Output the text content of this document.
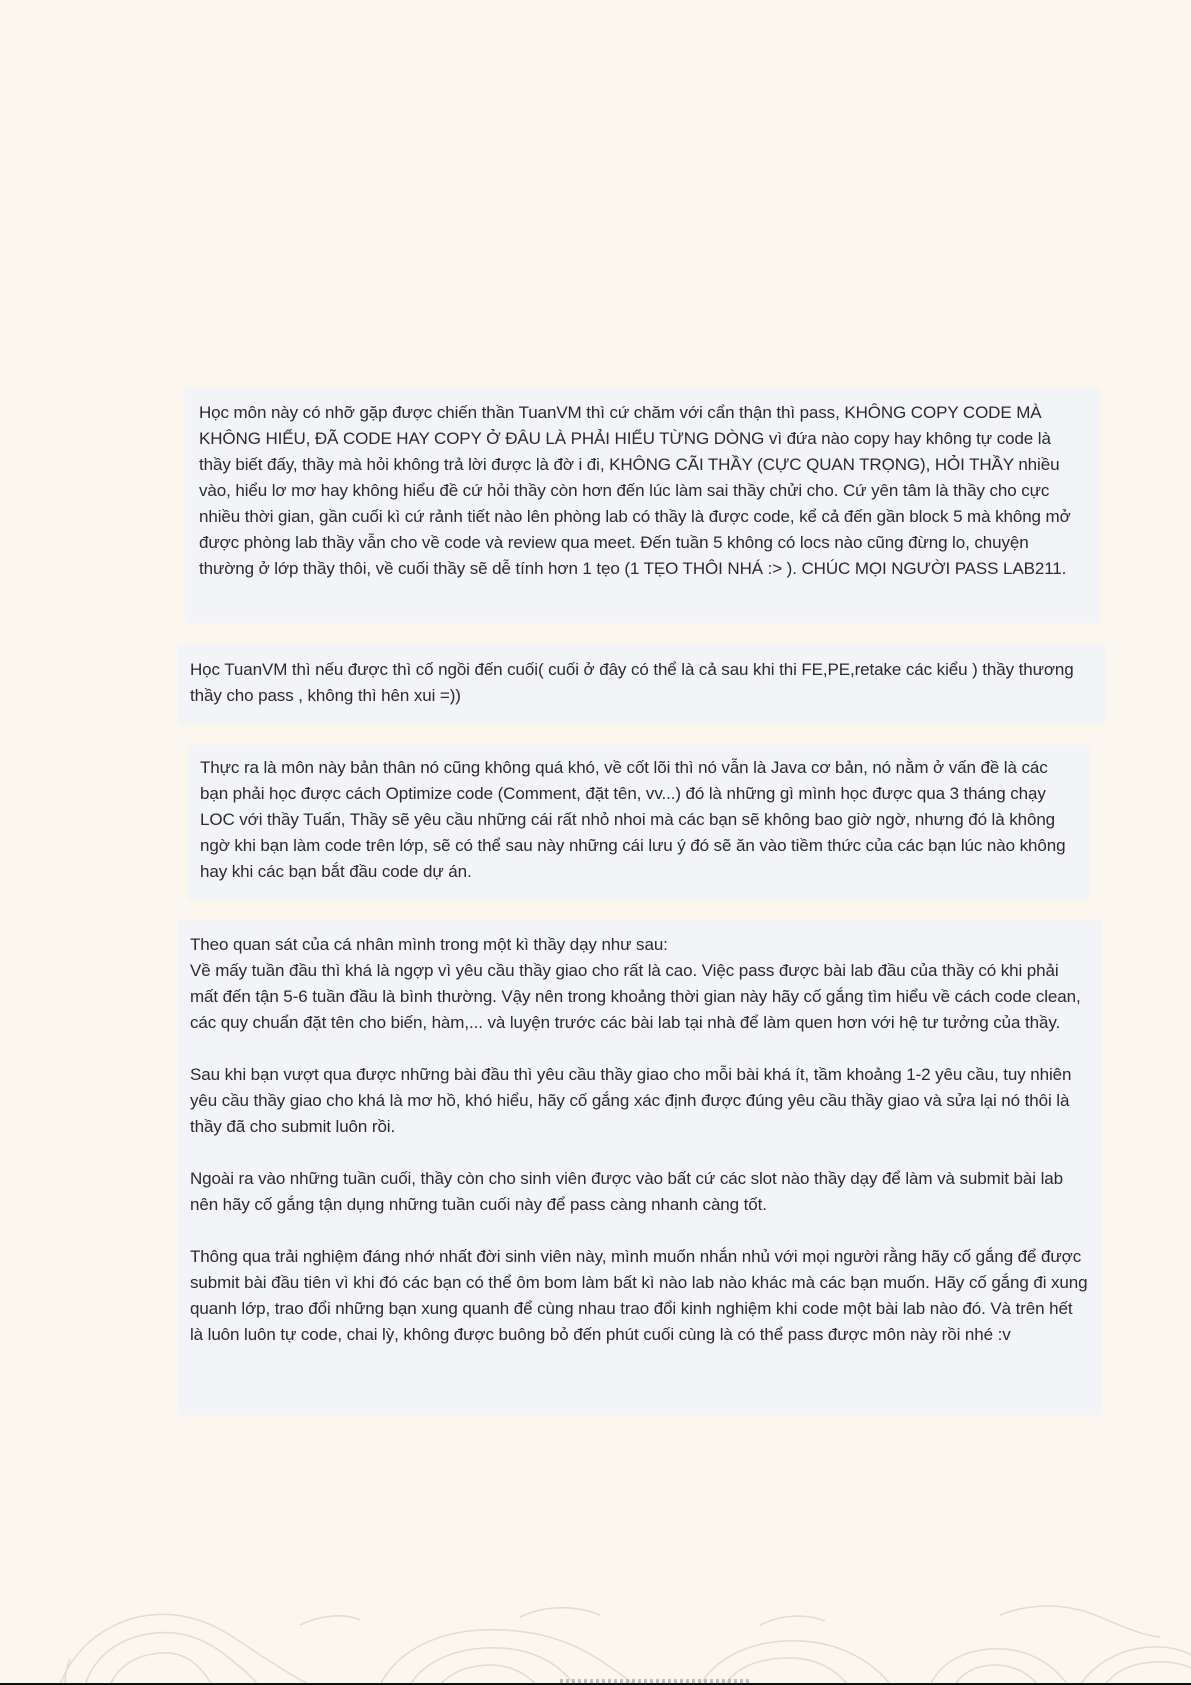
Học môn này có nhỡ gặp được chiến thần TuanVM thì cứ chăm với cẩn thận thì pass, KHÔNG COPY CODE MÀ KHÔNG HIỂU, ĐÃ CODE HAY COPY Ở ĐÂU LÀ PHẢI HIỂU TỪNG DÒNG vì đứa nào copy hay không tự code là thầy biết đấy, thầy mà hỏi không trả lời được là đờ i đi, KHÔNG CÃI THẦY (CỰC QUAN TRỌNG), HỎI THẦY nhiều vào, hiểu lơ mơ hay không hiểu đề cứ hỏi thầy còn hơn đến lúc làm sai thầy chửi cho. Cứ yên tâm là thầy cho cực nhiều thời gian, gần cuối kì cứ rảnh tiết nào lên phòng lab có thầy là được code, kể cả đến gần block 5 mà không mở được phòng lab thầy vẫn cho về code và review qua meet. Đến tuần 5 không có locs nào cũng đừng lo, chuyện thường ở lớp thầy thôi, về cuối thầy sẽ dễ tính hơn 1 tẹo (1 TẸO THÔI NHÁ :> ). CHÚC MỌI NGƯỜI PASS LAB211.

Học TuanVM thì nếu được thì cố ngồi đến cuối( cuối ở đây có thể là cả sau khi thi FE,PE,retake các kiểu ) thầy thương thầy cho pass , không thì hên xui =))

Thực ra là môn này bản thân nó cũng không quá khó, về cốt lõi thì nó vẫn là Java cơ bản, nó nằm ở vấn đề là các bạn phải học được cách Optimize code (Comment, đặt tên, vv...) đó là những gì mình học được qua 3 tháng chạy LOC với thầy Tuấn, Thầy sẽ yêu cầu những cái rất nhỏ nhoi mà các bạn sẽ không bao giờ ngờ, nhưng đó là không ngờ khi bạn làm code trên lớp, sẽ có thể sau này những cái lưu ý đó sẽ ăn vào tiềm thức của các bạn lúc nào không hay khi các bạn bắt đầu code dự án.

Theo quan sát của cá nhân mình trong một kì thầy dạy như sau:
Về mấy tuần đầu thì khá là ngợp vì yêu cầu thầy giao cho rất là cao. Việc pass được bài lab đầu của thầy có khi phải mất đến tận 5-6 tuần đầu là bình thường. Vậy nên trong khoảng thời gian này hãy cố gắng tìm hiểu về cách code clean, các quy chuẩn đặt tên cho biến, hàm,... và luyện trước các bài lab tại nhà để làm quen hơn với hệ tư tưởng của thầy.

Sau khi bạn vượt qua được những bài đầu thì yêu cầu thầy giao cho mỗi bài khá ít, tầm khoảng 1-2 yêu cầu, tuy nhiên yêu cầu thầy giao cho khá là mơ hồ, khó hiểu, hãy cố gắng xác định được đúng yêu cầu thầy giao và sửa lại nó thôi là thầy đã cho submit luôn rồi.

Ngoài ra vào những tuần cuối, thầy còn cho sinh viên được vào bất cứ các slot nào thầy dạy để làm và submit bài lab nên hãy cố gắng tận dụng những tuần cuối này để pass càng nhanh càng tốt.

Thông qua trải nghiệm đáng nhớ nhất đời sinh viên này, mình muốn nhắn nhủ với mọi người rằng hãy cố gắng để được submit bài đầu tiên vì khi đó các bạn có thể ôm bom làm bất kì nào lab nào khác mà các bạn muốn. Hãy cố gắng đi xung quanh lớp, trao đổi những bạn xung quanh để cùng nhau trao đổi kinh nghiệm khi code một bài lab nào đó. Và trên hết là luôn luôn tự code, chai lỳ, không được buông bỏ đến phút cuối cùng là có thể pass được môn này rồi nhé :v
